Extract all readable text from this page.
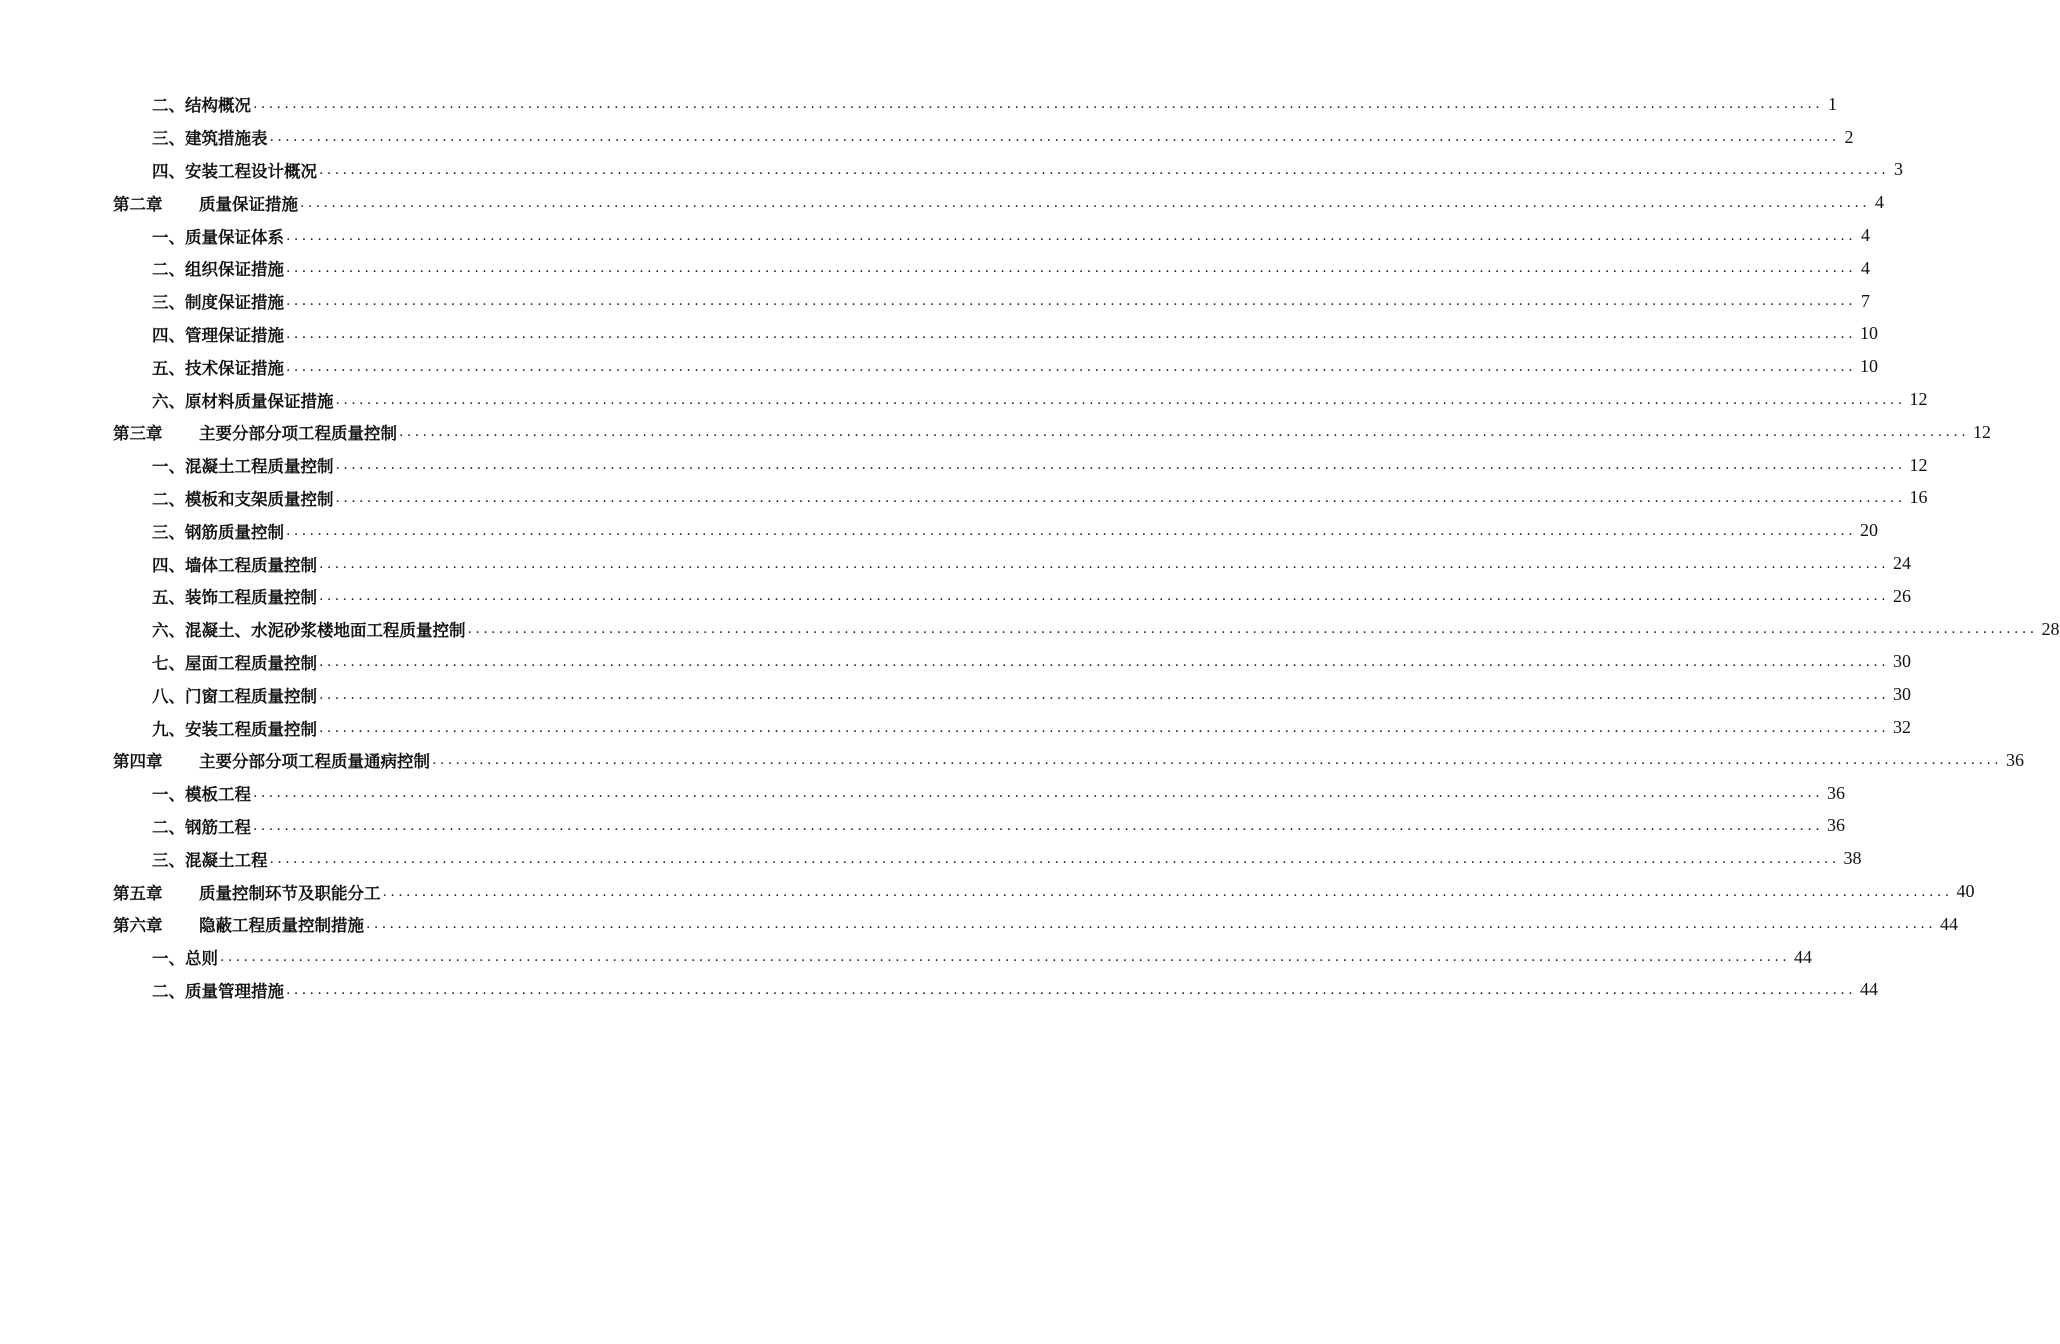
二、结构概况 ........................................................................................................................................................................................................ 1
三、建筑措施表 ........................................................................................................................................................................................................ 2
四、安装工程设计概况 ........................................................................................................................................................................................................ 3
第二章	质量保证措施 ........................................................................................................................................................................................................ 4
一、质量保证体系 ........................................................................................................................................................................................................ 4
二、组织保证措施 ........................................................................................................................................................................................................ 4
三、制度保证措施 ........................................................................................................................................................................................................ 7
四、管理保证措施 ........................................................................................................................................................................................................ 10
五、技术保证措施 ........................................................................................................................................................................................................ 10
六、原材料质量保证措施 ........................................................................................................................................................................................................ 12
第三章	主要分部分项工程质量控制 ........................................................................................................................................................................................................ 12
一、混凝土工程质量控制 ........................................................................................................................................................................................................ 12
二、模板和支架质量控制 ........................................................................................................................................................................................................ 16
三、钢筋质量控制 ........................................................................................................................................................................................................ 20
四、墙体工程质量控制 ........................................................................................................................................................................................................ 24
五、装饰工程质量控制 ........................................................................................................................................................................................................ 26
六、混凝土、水泥砂浆楼地面工程质量控制 ........................................................................................................................................................................................................ 28
七、屋面工程质量控制 ........................................................................................................................................................................................................ 30
八、门窗工程质量控制 ........................................................................................................................................................................................................ 30
九、安装工程质量控制 ........................................................................................................................................................................................................ 32
第四章	主要分部分项工程质量通病控制 ........................................................................................................................................................................................................ 36
一、模板工程 ........................................................................................................................................................................................................ 36
二、钢筋工程 ........................................................................................................................................................................................................ 36
三、混凝土工程 ........................................................................................................................................................................................................ 38
第五章	质量控制环节及职能分工 ........................................................................................................................................................................................................ 40
第六章	隐蔽工程质量控制措施 ........................................................................................................................................................................................................ 44
一、总则 ........................................................................................................................................................................................................ 44
二、质量管理措施 ........................................................................................................................................................................................................ 44
